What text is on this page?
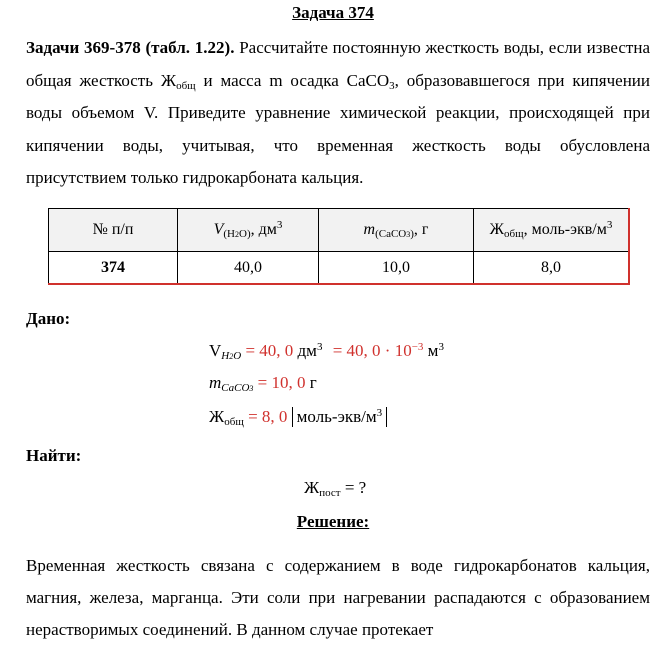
Задача 374
Задачи 369-378 (табл. 1.22). Рассчитайте постоянную жесткость воды, если известна общая жесткость $Ж_{общ}$ и масса m осадка CaCO$_3$, образовавшегося при кипячении воды объемом V. Приведите уравнение химической реакции, происходящей при кипячении воды, учитывая, что временная жесткость воды обусловлена присутствием только гидрокарбоната кальция.
№ п/п	$V_{(H2O)}$, $дм^3$	$m_{(CaCO3)}$, г	$Ж_{общ}$, моль-$экв/м^3$
374	40,0	10,0	8,0
Дано:
$V_{H2O} = 40$, 0 $дм^3 = 40$, $0 \cdot 10^{-3}$ $м^3$
$m_{CaCO3} = 10$, 0 г
$Ж_{общ} = 8$, 0 моль-$экв/м^3$
Найти:
$Ж_{пост}$ = ?
Решение:
Временная жесткость связана с содержанием в воде гидрокарбонатов кальция, магния, железа, марганца. Эти соли при нагревании распадаются с образованием нерастворимых соединений. В данном случае протекает
